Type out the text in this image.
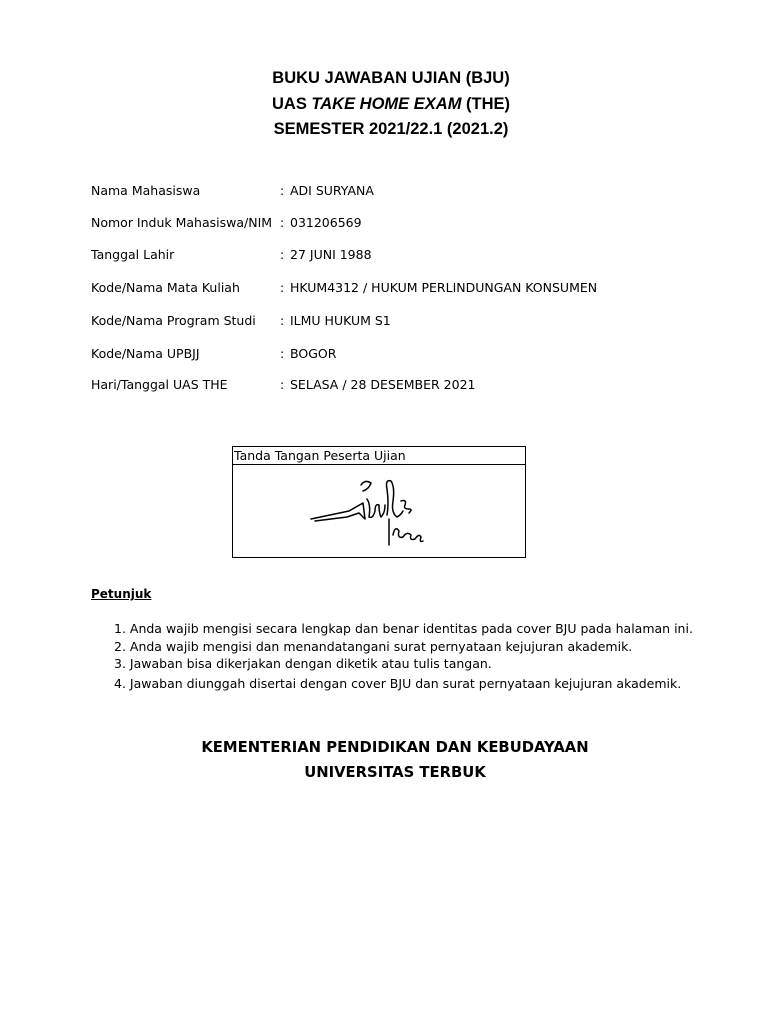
BUKU JAWABAN UJIAN (BJU)
UAS TAKE HOME EXAM (THE)
SEMESTER 2021/22.1 (2021.2)
Nama Mahasiswa	: ADI SURYANA
Nomor Induk Mahasiswa/NIM : 031206569
Tanggal Lahir	: 27 JUNI 1988
Kode/Nama Mata Kuliah	: HKUM4312 / HUKUM PERLINDUNGAN KONSUMEN
Kode/Nama Program Studi	: ILMU HUKUM S1
Kode/Nama UPBJJ	: BOGOR
Hari/Tanggal UAS THE	: SELASA / 28 DESEMBER 2021
Tanda Tangan Peserta Ujian
Petunjuk
1. Anda wajib mengisi secara lengkap dan benar identitas pada cover BJU pada halaman ini.
2. Anda wajib mengisi dan menandatangani surat pernyataan kejujuran akademik.
3. Jawaban bisa dikerjakan dengan diketik atau tulis tangan.
4. Jawaban diunggah disertai dengan cover BJU dan surat pernyataan kejujuran akademik.
KEMENTERIAN PENDIDIKAN DAN KEBUDAYAAN
UNIVERSITAS TERBUK
